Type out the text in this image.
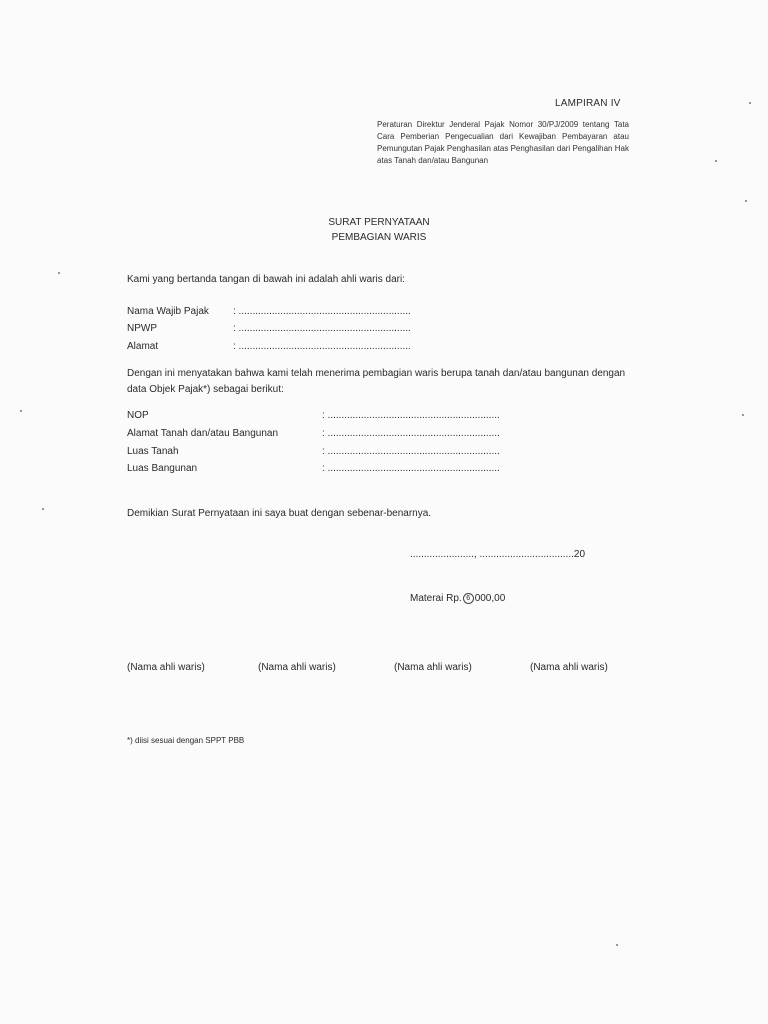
LAMPIRAN IV
Peraturan Direktur Jenderal Pajak Nomor 30/PJ/2009 tentang Tata Cara Pemberian Pengecualian dari Kewajiban Pembayaran atau Pemungutan Pajak Penghasilan atas Penghasilan dari Pengalihan Hak atas Tanah dan/atau Bangunan
SURAT PERNYATAAN
PEMBAGIAN WARIS
Kami yang bertanda tangan di bawah ini adalah ahli waris dari:
Nama Wajib Pajak : ..............................................................
NPWP	: ..............................................................
Alamat	: ..............................................................
Dengan ini menyatakan bahwa kami telah menerima pembagian waris berupa tanah dan/atau bangunan dengan data Objek Pajak*) sebagai berikut:
NOP	: ..............................................................
Alamat Tanah dan/atau Bangunan	: ..............................................................
Luas Tanah	: ..............................................................
Luas Bangunan	: ..............................................................
Demikian Surat Pernyataan ini saya buat dengan sebenar-benarnya.
......................., ..................................20
Materai Rp. 6 000,00
(Nama ahli waris)	(Nama ahli waris)	(Nama ahli waris)	(Nama ahli waris)
*) diisi sesuai dengan SPPT PBB
